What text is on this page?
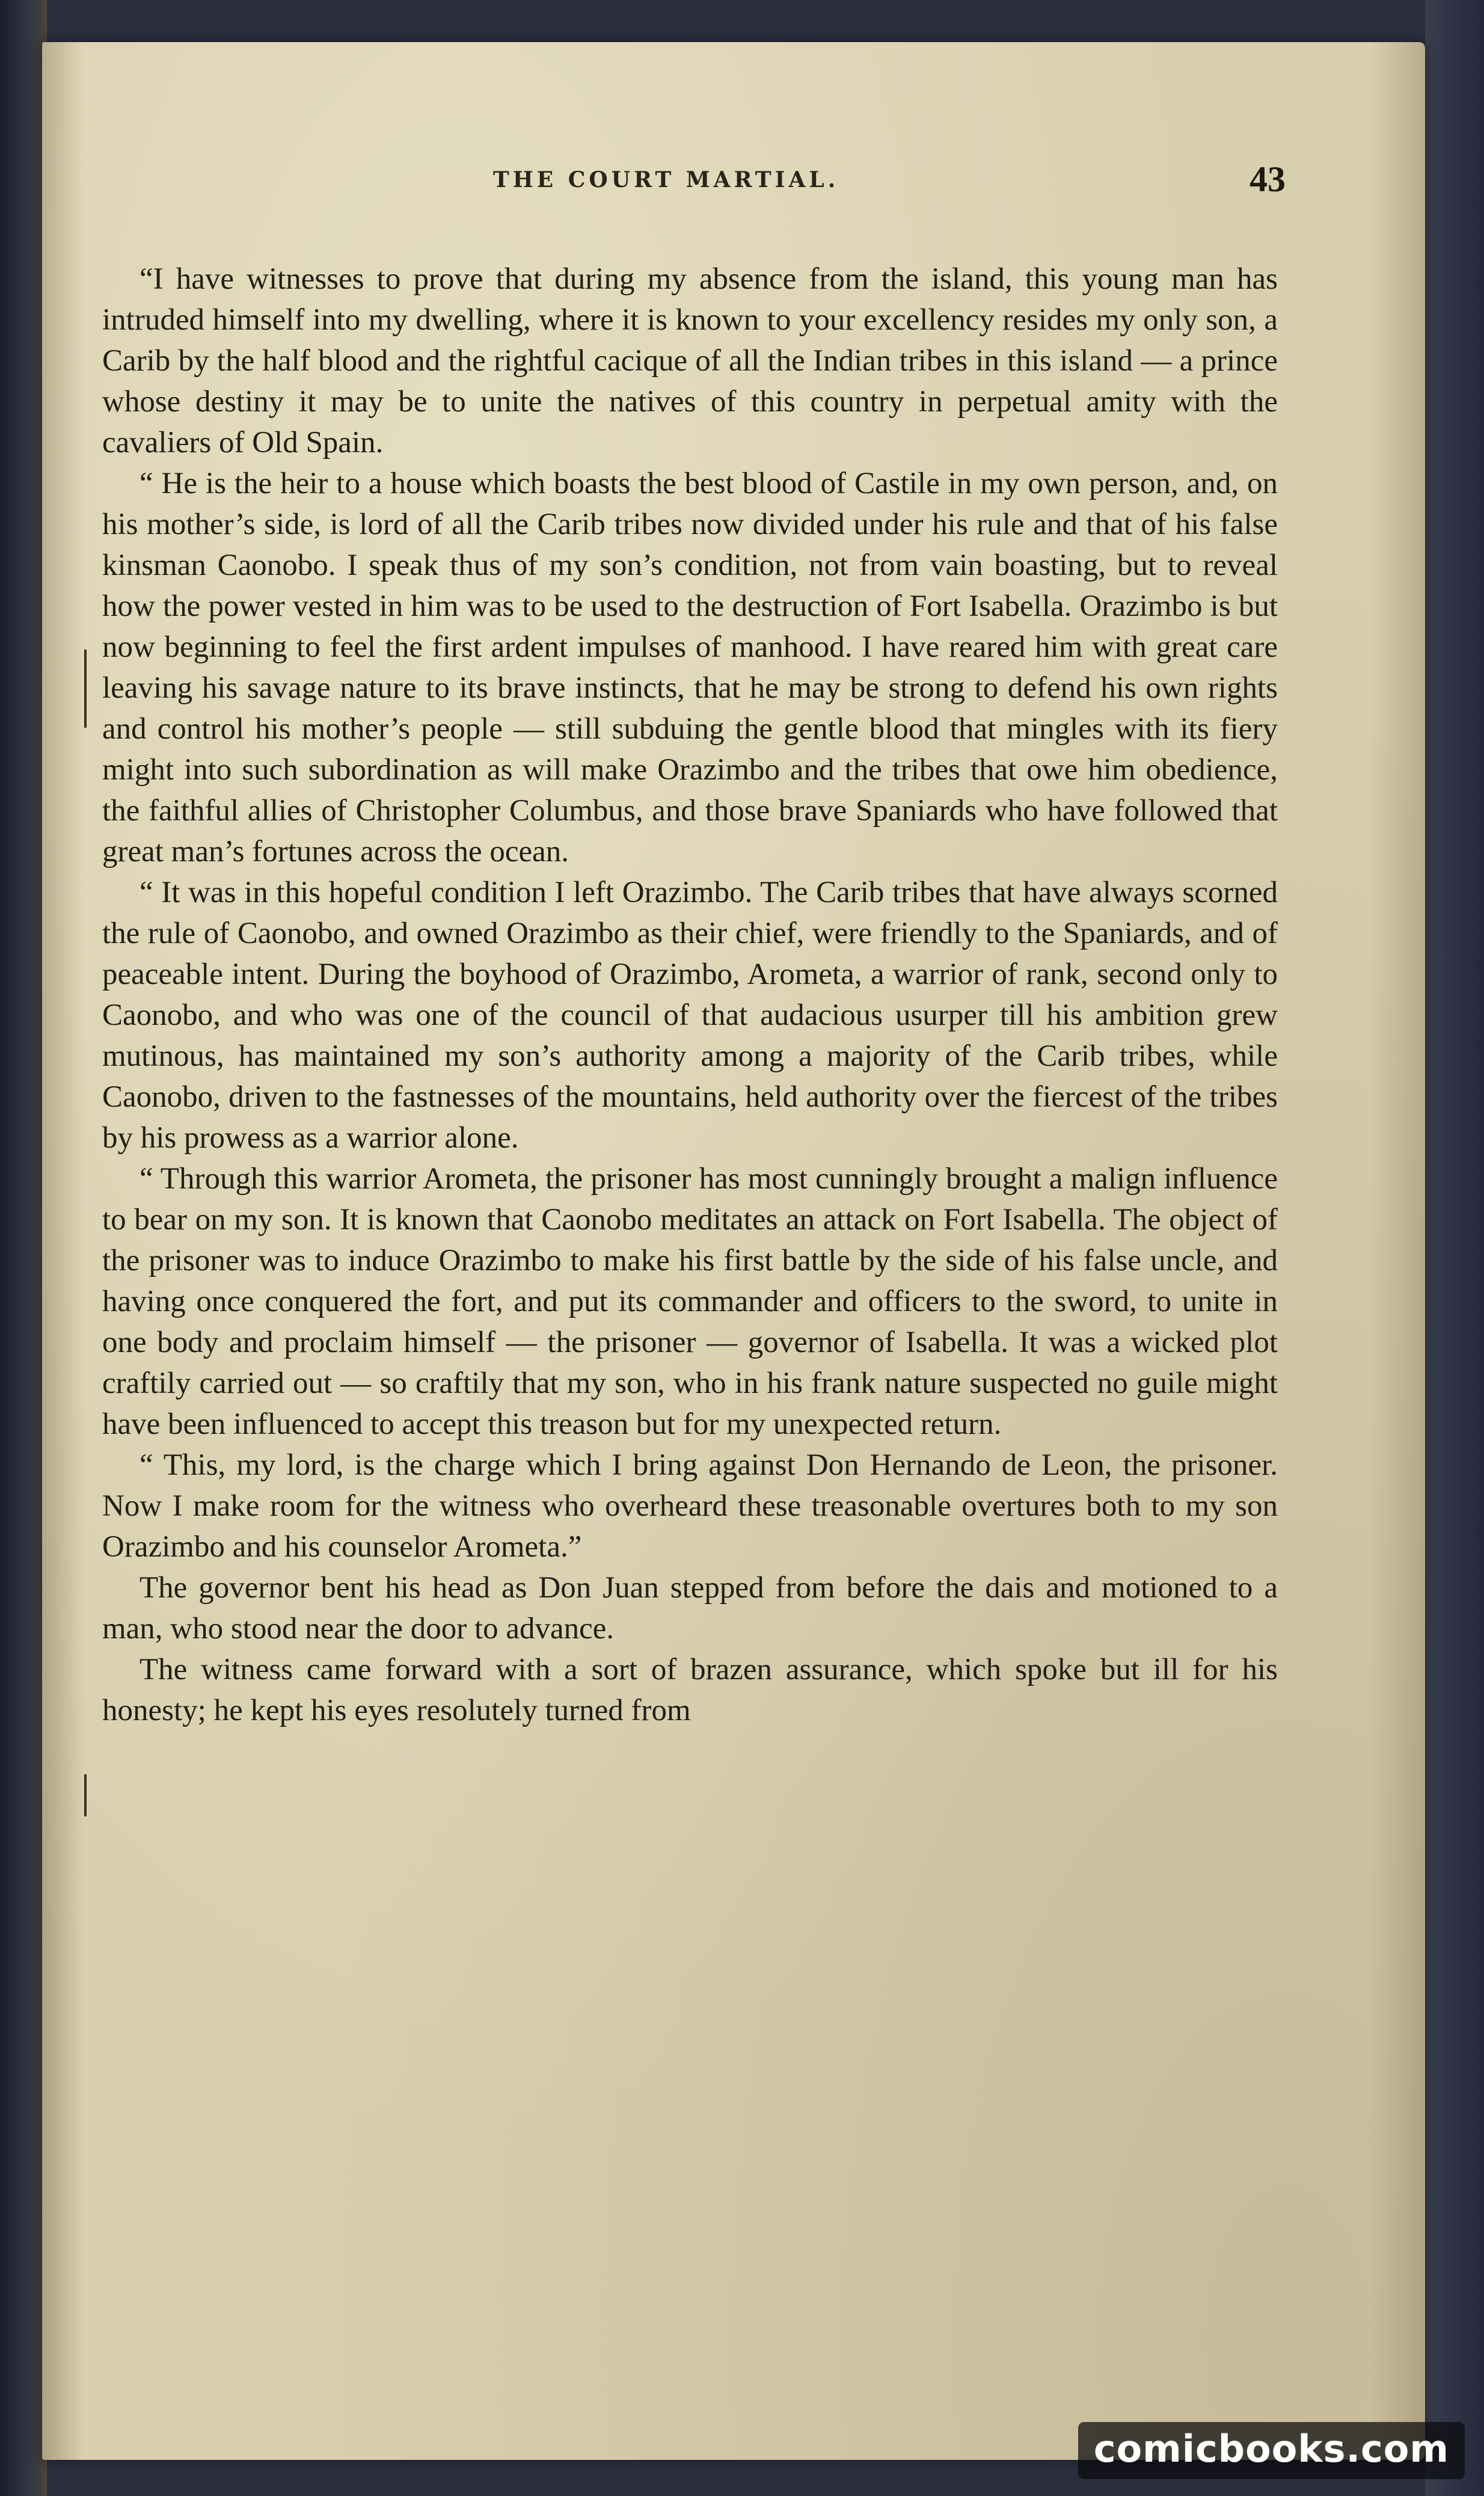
THE COURT MARTIAL.	43

“I have witnesses to prove that during my absence from the island, this young man has intruded himself into my dwelling, where it is known to your excellency resides my only son, a Carib by the half blood and the rightful cacique of all the Indian tribes in this island — a prince whose destiny it may be to unite the natives of this country in perpetual amity with the cavaliers of Old Spain.

“ He is the heir to a house which boasts the best blood of Castile in my own person, and, on his mother’s side, is lord of all the Carib tribes now divided under his rule and that of his false kinsman Caonobo. I speak thus of my son’s condition, not from vain boasting, but to reveal how the power vested in him was to be used to the destruction of Fort Isabella. Orazimbo is but now beginning to feel the first ardent impulses of manhood. I have reared him with great care leaving his savage nature to its brave instincts, that he may be strong to defend his own rights and control his mother’s people — still subduing the gentle blood that mingles with its fiery might into such subordination as will make Orazimbo and the tribes that owe him obedience, the faithful allies of Christopher Columbus, and those brave Spaniards who have followed that great man’s fortunes across the ocean.

“ It was in this hopeful condition I left Orazimbo. The Carib tribes that have always scorned the rule of Caonobo, and owned Orazimbo as their chief, were friendly to the Spaniards, and of peaceable intent. During the boyhood of Orazimbo, Arometa, a warrior of rank, second only to Caonobo, and who was one of the council of that audacious usurper till his ambition grew mutinous, has maintained my son’s authority among a majority of the Carib tribes, while Caonobo, driven to the fastnesses of the mountains, held authority over the fiercest of the tribes by his prowess as a warrior alone.

“ Through this warrior Arometa, the prisoner has most cunningly brought a malign influence to bear on my son. It is known that Caonobo meditates an attack on Fort Isabella. The object of the prisoner was to induce Orazimbo to make his first battle by the side of his false uncle, and having once conquered the fort, and put its commander and officers to the sword, to unite in one body and proclaim himself — the prisoner — governor of Isabella. It was a wicked plot craftily carried out — so craftily that my son, who in his frank nature suspected no guile might have been influenced to accept this treason but for my unexpected return.

“ This, my lord, is the charge which I bring against Don Hernando de Leon, the prisoner. Now I make room for the witness who overheard these treasonable overtures both to my son Orazimbo and his counselor Arometa.”

The governor bent his head as Don Juan stepped from before the dais and motioned to a man, who stood near the door to advance.

The witness came forward with a sort of brazen assurance, which spoke but ill for his honesty; he kept his eyes resolutely turned from

comicbooks.com
